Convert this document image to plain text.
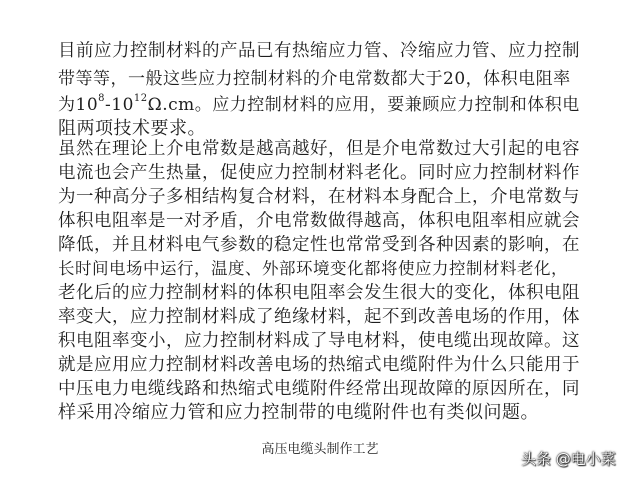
目前应力控制材料的产品已有热缩应力管、冷缩应力管、应力控制
带等等，一般这些应力控制材料的介电常数都大于20，体积电阻率
为$10^8-10^{12}\Omega.cm$。应力控制材料的应用，要兼顾应力控制和体积电
阻两项技术要求。
虽然在理论上介电常数是越高越好，但是介电常数过大引起的电容
电流也会产生热量，促使应力控制材料老化。同时应力控制材料作
为一种高分子多相结构复合材料，在材料本身配合上，介电常数与
体积电阻率是一对矛盾，介电常数做得越高，体积电阻率相应就会
降低，并且材料电气参数的稳定性也常常受到各种因素的影响，在
长时间电场中运行，温度、外部环境变化都将使应力控制材料老化，
老化后的应力控制材料的体积电阻率会发生很大的变化，体积电阻
率变大，应力控制材料成了绝缘材料，起不到改善电场的作用，体
积电阻率变小，应力控制材料成了导电材料，使电缆出现故障。这
就是应用应力控制材料改善电场的热缩式电缆附件为什么只能用于
中压电力电缆线路和热缩式电缆附件经常出现故障的原因所在，同
样采用冷缩应力管和应力控制带的电缆附件也有类似问题。
高压电缆头制作工艺
头条 @电小菜
